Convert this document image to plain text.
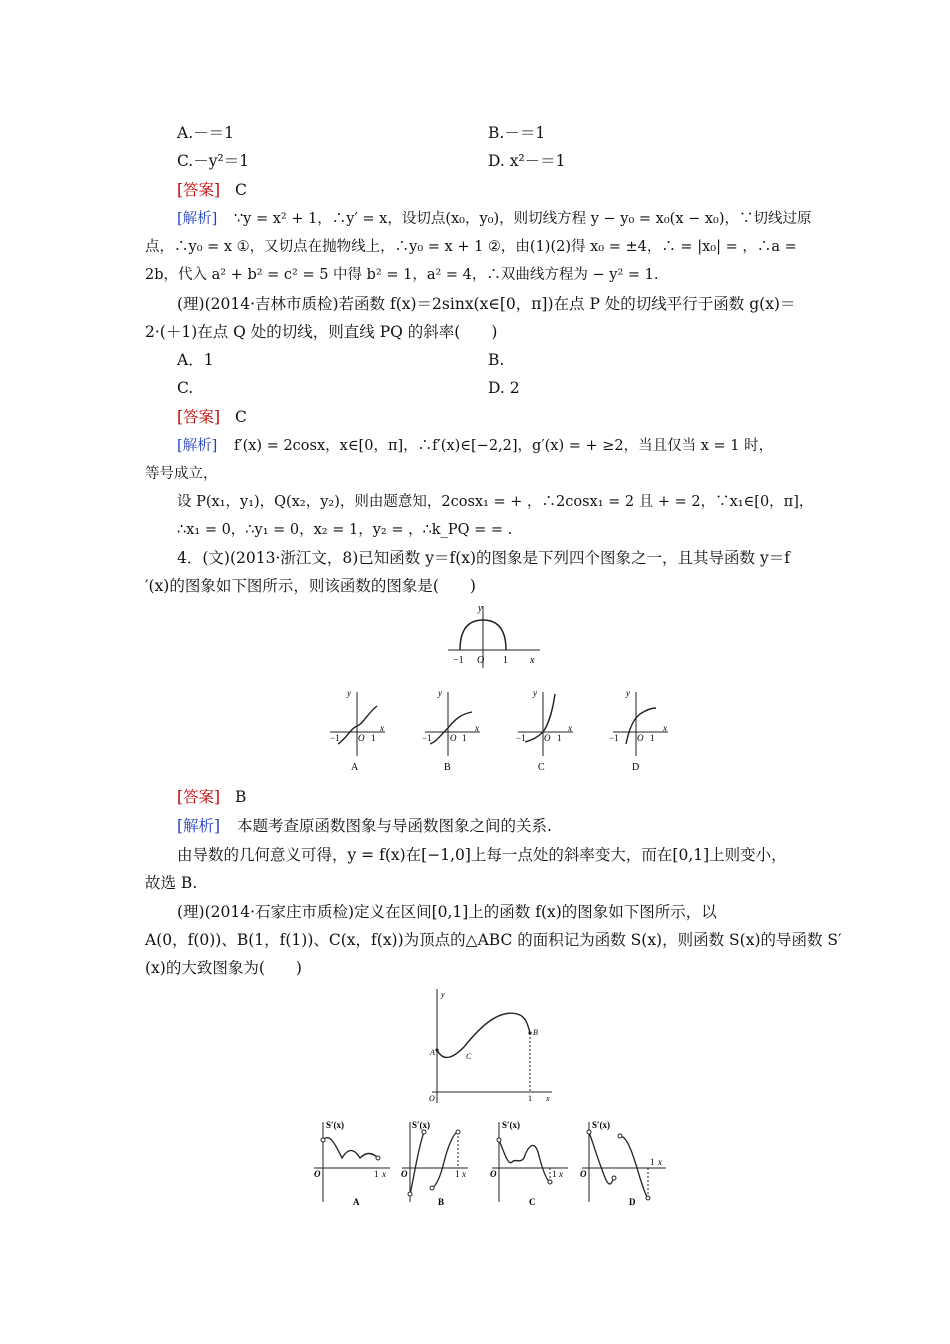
A.－＝1	B.－＝1
C.－y²＝1	D. x²－＝1
[答案] C
[解析] ∵y = x² + 1，∴y′ = x，设切点(x₀，y₀)，则切线方程 y − y₀ = x₀(x − x₀)，∵切线过原
点，∴y₀ = x ①，又切点在抛物线上，∴y₀ = x + 1 ②，由(1)(2)得 x₀ = ±4，∴ = |x₀| = ，∴a =
2b，代入 a² + b² = c² = 5 中得 b² = 1，a² = 4，∴双曲线方程为 − y² = 1.
(理)(2014·吉林市质检)若函数 f(x)＝2sinx(x∈[0，π])在点 P 处的切线平行于函数 g(x)＝
2·(＋1)在点 Q 处的切线，则直线 PQ 的斜率(　　)
A．1	B.
C.	D. 2
[答案] C
[解析] f′(x) = 2cosx，x∈[0，π]，∴f′(x)∈[−2,2]，g′(x) = + ≥2，当且仅当 x = 1 时，
等号成立，
设 P(x₁，y₁)，Q(x₂，y₂)，则由题意知，2cosx₁ = + ，∴2cosx₁ = 2 且 + = 2，∵x₁∈[0，π]，
∴x₁ = 0，∴y₁ = 0，x₂ = 1，y₂ = ，∴k_PQ = = .
4．(文)(2013·浙江文，8)已知函数 y＝f(x)的图象是下列四个图象之一，且其导函数 y＝f
′(x)的图象如下图所示，则该函数的图象是(　　)
y
x
O
−1	1
y
x
O
−1	1
A
y
x
O
−1	1
B
y
x
O
−1	1
C
y
x
O
−1	1
D
[答案] B
[解析] 本题考查原函数图象与导函数图象之间的关系.
由导数的几何意义可得，y = f(x)在[−1,0]上每一点处的斜率变大，而在[0,1]上则变小，
故选 B.
(理)(2014·石家庄市质检)定义在区间[0,1]上的函数 f(x)的图象如下图所示，以
A(0，f(0))、B(1，f(1))、C(x，f(x))为顶点的△ABC 的面积记为函数 S(x)，则函数 S(x)的导函数 S′
(x)的大致图象为(　　)
y
x
O	1
A
B
C
S′(x)
O	1 x
A
S′(x)
O	1 x
B
S′(x)
O	1 x
C
S′(x)
O
1 x
D
